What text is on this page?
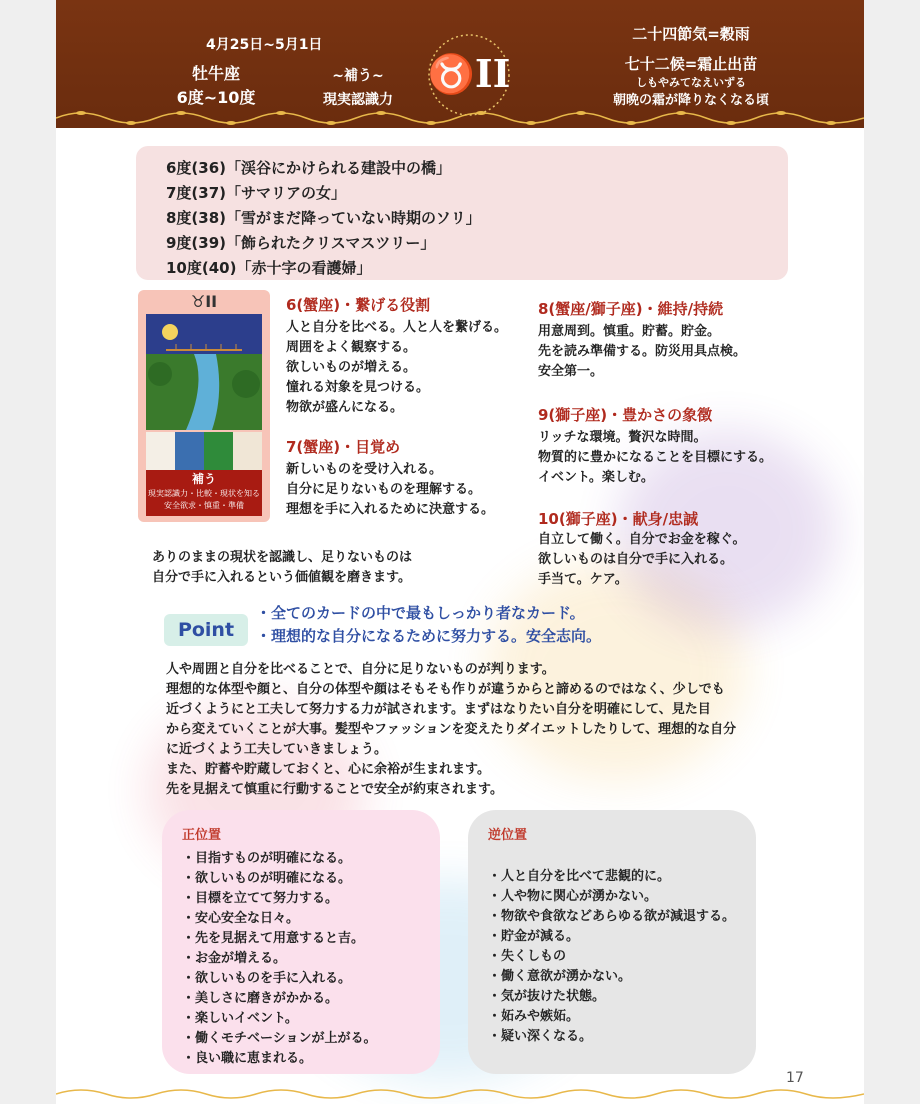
4月25日~5月1日
牡牛座
6度~10度
~補う~
現実認識力
♉II
二十四節気=穀雨
七十二候=霜止出苗
しもやみてなえいずる
朝晩の霜が降りなくなる頃
6度(36)「渓谷にかけられる建設中の橋」
7度(37)「サマリアの女」
8度(38)「雪がまだ降っていない時期のソリ」
9度(39)「飾られたクリスマスツリー」
10度(40)「赤十字の看護婦」
♉II
補う
現実認識力・比較・現状を知る
安全欲求・慎重・準備
6(蟹座)・繋げる役割
人と自分を比べる。人と人を繋げる。
周囲をよく観察する。
欲しいものが増える。
憧れる対象を見つける。
物欲が盛んになる。
7(蟹座)・目覚め
新しいものを受け入れる。
自分に足りないものを理解する。
理想を手に入れるために決意する。
8(蟹座/獅子座)・維持/持続
用意周到。慎重。貯蓄。貯金。
先を読み準備する。防災用具点検。
安全第一。
9(獅子座)・豊かさの象徴
リッチな環境。贅沢な時間。
物質的に豊かになることを目標にする。
イベント。楽しむ。
10(獅子座)・献身/忠誠
自立して働く。自分でお金を稼ぐ。
欲しいものは自分で手に入れる。
手当て。ケア。
ありのままの現状を認識し、足りないものは
自分で手に入れるという価値観を磨きます。
Point
・全てのカードの中で最もしっかり者なカード。
・理想的な自分になるために努力する。安全志向。
人や周囲と自分を比べることで、自分に足りないものが判ります。
理想的な体型や顔と、自分の体型や顔はそもそも作りが違うからと諦めるのではなく、少しでも
近づくようにと工夫して努力する力が試されます。まずはなりたい自分を明確にして、見た目
から変えていくことが大事。髪型やファッションを変えたりダイエットしたりして、理想的な自分
に近づくよう工夫していきましょう。
また、貯蓄や貯蔵しておくと、心に余裕が生まれます。
先を見据えて慎重に行動することで安全が約束されます。
正位置
・目指すものが明確になる。
・欲しいものが明確になる。
・目標を立てて努力する。
・安心安全な日々。
・先を見据えて用意すると吉。
・お金が増える。
・欲しいものを手に入れる。
・美しさに磨きがかかる。
・楽しいイベント。
・働くモチベーションが上がる。
・良い職に恵まれる。
逆位置
・人と自分を比べて悲観的に。
・人や物に関心が湧かない。
・物欲や食欲などあらゆる欲が減退する。
・貯金が減る。
・失くしもの
・働く意欲が湧かない。
・気が抜けた状態。
・妬みや嫉妬。
・疑い深くなる。
17
